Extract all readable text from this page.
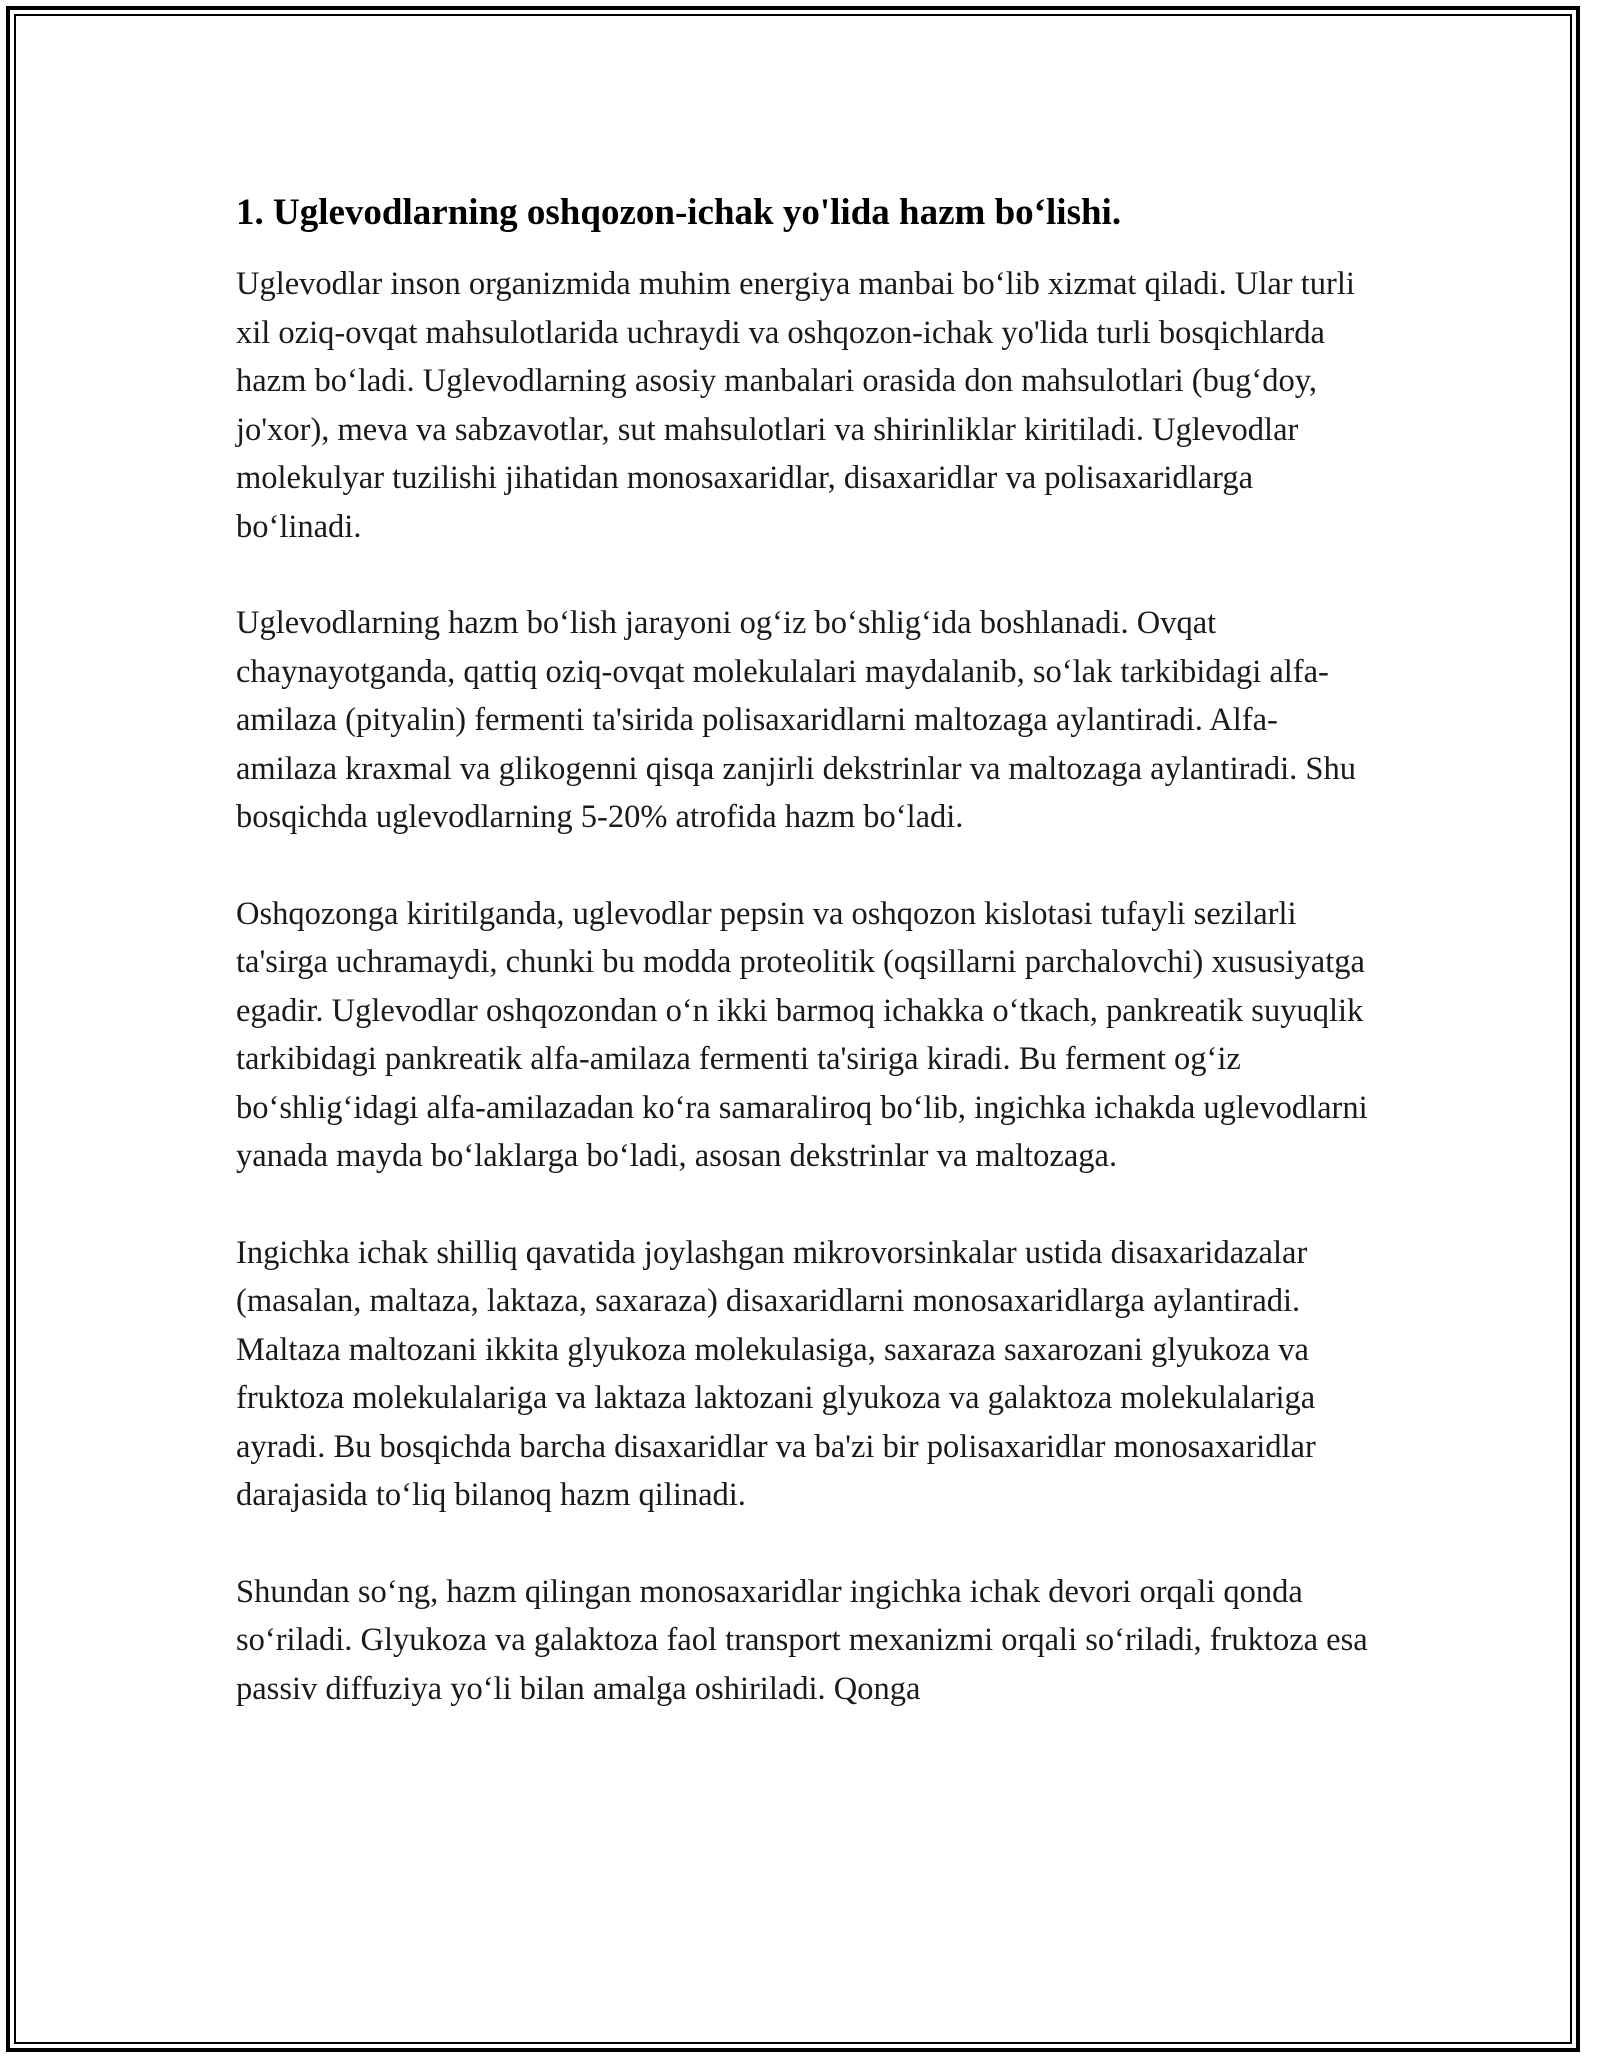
1. Uglevodlarning oshqozon-ichak yo'lida hazm bo‘lishi.

Uglevodlar inson organizmida muhim energiya manbai bo‘lib xizmat qiladi. Ular turli xil oziq-ovqat mahsulotlarida uchraydi va oshqozon-ichak yo'lida turli bosqichlarda hazm bo‘ladi. Uglevodlarning asosiy manbalari orasida don mahsulotlari (bug‘doy, jo'xor), meva va sabzavotlar, sut mahsulotlari va shirinliklar kiritiladi. Uglevodlar molekulyar tuzilishi jihatidan monosaxaridlar, disaxaridlar va polisaxaridlarga bo‘linadi.

Uglevodlarning hazm bo‘lish jarayoni og‘iz bo‘shlig‘ida boshlanadi. Ovqat chaynayotganda, qattiq oziq-ovqat molekulalari maydalanib, so‘lak tarkibidagi alfa-amilaza (pityalin) fermenti ta'sirida polisaxaridlarni maltozaga aylantiradi. Alfa-amilaza kraxmal va glikogenni qisqa zanjirli dekstrinlar va maltozaga aylantiradi. Shu bosqichda uglevodlarning 5-20% atrofida hazm bo‘ladi.

Oshqozonga kiritilganda, uglevodlar pepsin va oshqozon kislotasi tufayli sezilarli ta'sirga uchramaydi, chunki bu modda proteolitik (oqsillarni parchalovchi) xususiyatga egadir. Uglevodlar oshqozondan o‘n ikki barmoq ichakka o‘tkach, pankreatik suyuqlik tarkibidagi pankreatik alfa-amilaza fermenti ta'siriga kiradi. Bu ferment og‘iz bo‘shlig‘idagi alfa-amilazadan ko‘ra samaraliroq bo‘lib, ingichka ichakda uglevodlarni yanada mayda bo‘laklarga bo‘ladi, asosan dekstrinlar va maltozaga.

Ingichka ichak shilliq qavatida joylashgan mikrovorsinkalar ustida disaxaridazalar (masalan, maltaza, laktaza, saxaraza) disaxaridlarni monosaxaridlarga aylantiradi. Maltaza maltozani ikkita glyukoza molekulasiga, saxaraza saxarozani glyukoza va fruktoza molekulalariga va laktaza laktozani glyukoza va galaktoza molekulalariga ayradi. Bu bosqichda barcha disaxaridlar va ba'zi bir polisaxaridlar monosaxaridlar darajasida to‘liq bilanoq hazm qilinadi.

Shundan so‘ng, hazm qilingan monosaxaridlar ingichka ichak devori orqali qonda so‘riladi. Glyukoza va galaktoza faol transport mexanizmi orqali so‘riladi, fruktoza esa passiv diffuziya yo‘li bilan amalga oshiriladi. Qonga
